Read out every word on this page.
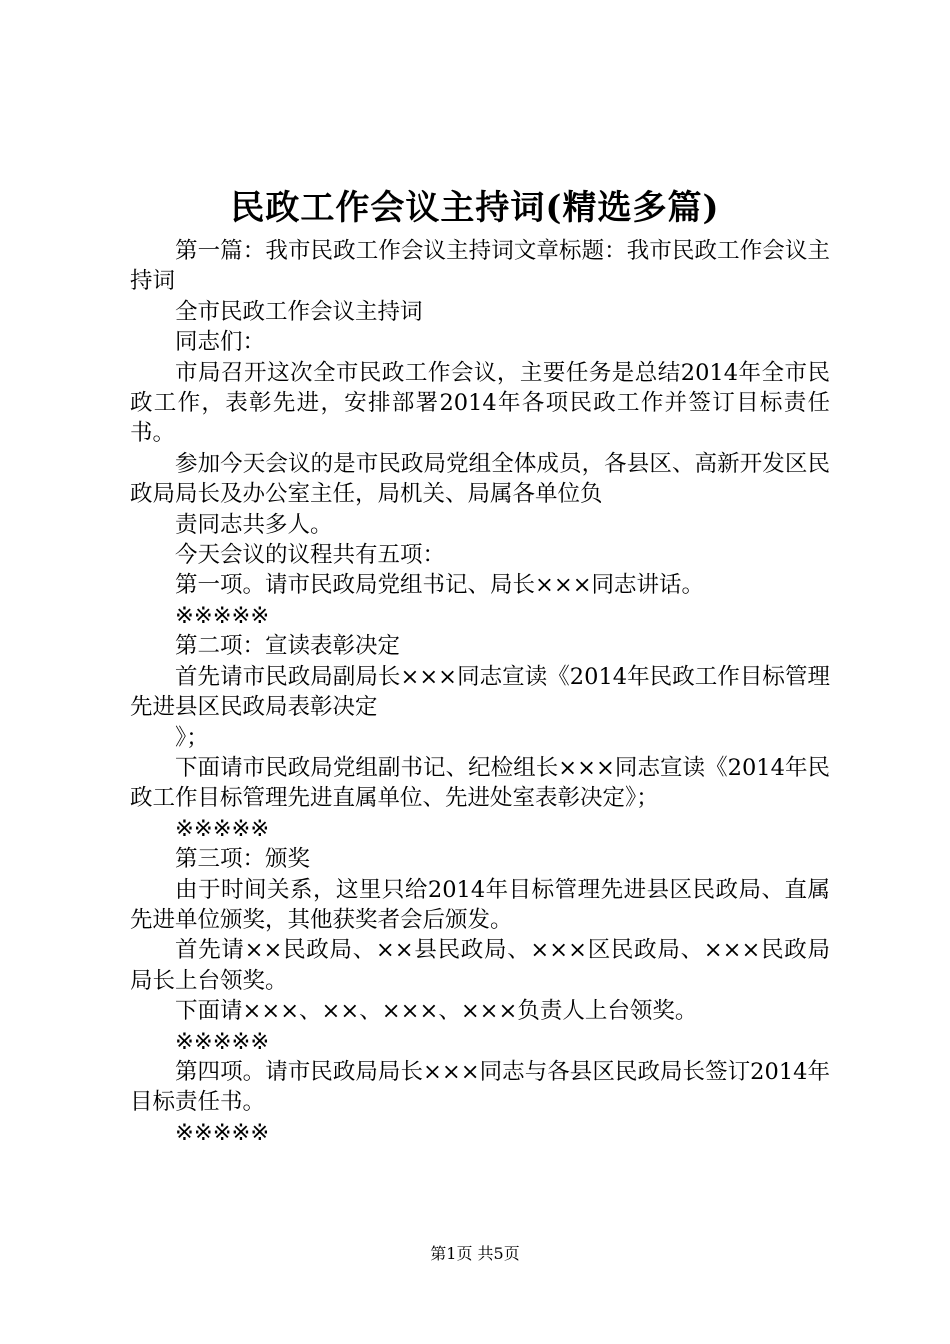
民政工作会议主持词(精选多篇)

第一篇：我市民政工作会议主持词文章标题：我市民政工作会议主持词

全市民政工作会议主持词

同志们：

市局召开这次全市民政工作会议，主要任务是总结2014年全市民政工作，表彰先进，安排部署2014年各项民政工作并签订目标责任书。

参加今天会议的是市民政局党组全体成员，各县区、高新开发区民政局局长及办公室主任，局机关、局属各单位负

责同志共多人。

今天会议的议程共有五项：

第一项。请市民政局党组书记、局长×××同志讲话。

※※※※※

第二项：宣读表彰决定

首先请市民政局副局长×××同志宣读《2014年民政工作目标管理先进县区民政局表彰决定

》；

下面请市民政局党组副书记、纪检组长×××同志宣读《2014年民政工作目标管理先进直属单位、先进处室表彰决定》；

※※※※※

第三项：颁奖

由于时间关系，这里只给2014年目标管理先进县区民政局、直属先进单位颁奖，其他获奖者会后颁发。

首先请××民政局、××县民政局、×××区民政局、×××民政局局长上台领奖。

下面请×××、××、×××、×××负责人上台领奖。

※※※※※

第四项。请市民政局局长×××同志与各县区民政局长签订2014年目标责任书。

※※※※※

第1页 共5页
